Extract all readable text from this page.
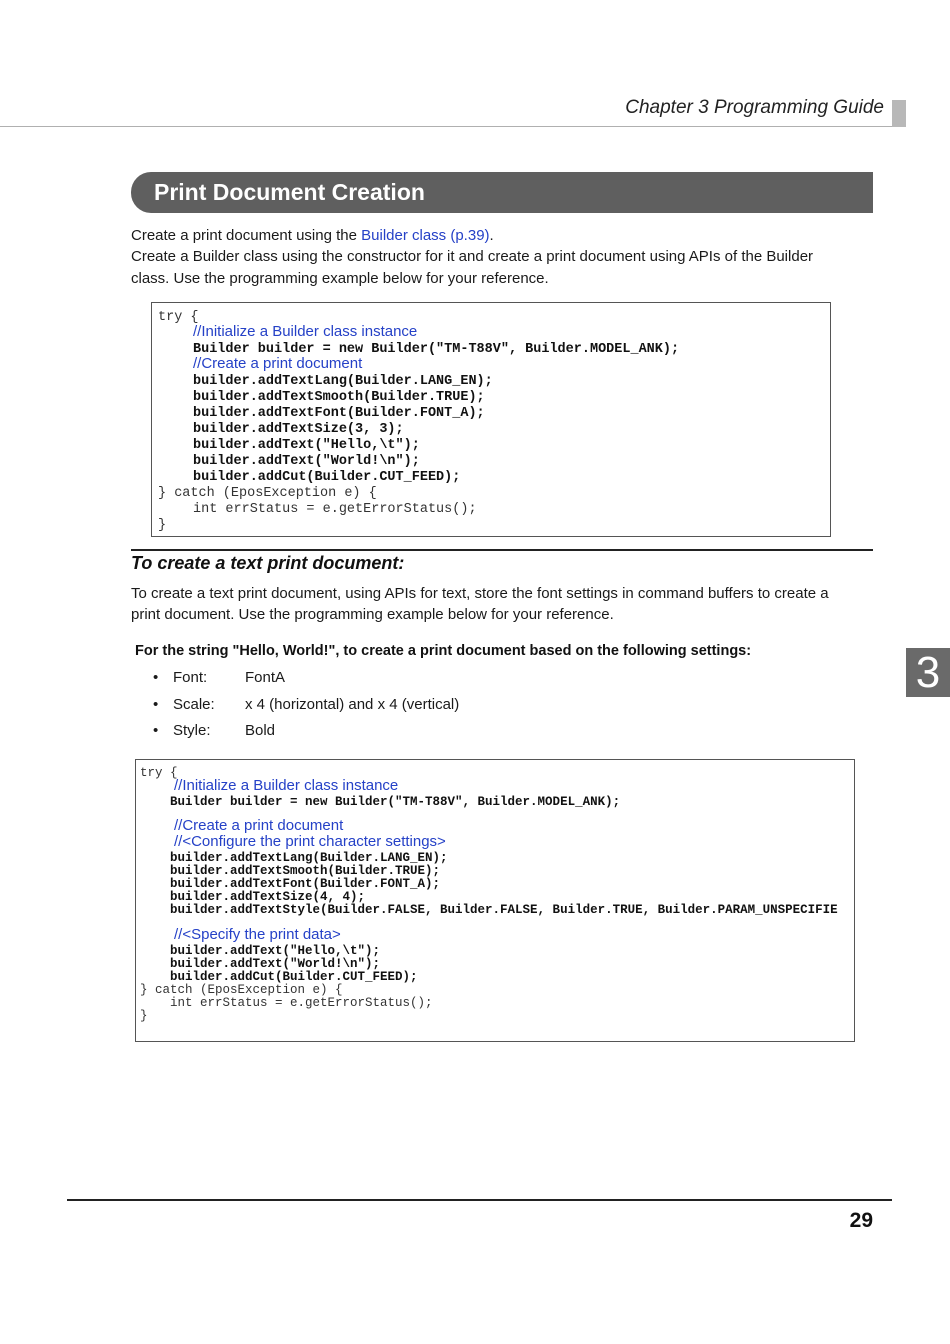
Chapter 3 Programming Guide
Print Document Creation
Create a print document using the Builder class (p.39).
Create a Builder class using the constructor for it and create a print document using APIs of the Builder
class. Use the programming example below for your reference.
try {
//Initialize a Builder class instance
Builder builder = new Builder("TM-T88V", Builder.MODEL_ANK);
//Create a print document
builder.addTextLang(Builder.LANG_EN);
builder.addTextSmooth(Builder.TRUE);
builder.addTextFont(Builder.FONT_A);
builder.addTextSize(3, 3);
builder.addText("Hello,\t");
builder.addText("World!\n");
builder.addCut(Builder.CUT_FEED);
} catch (EposException e) {
int errStatus = e.getErrorStatus();
}
To create a text print document:
To create a text print document, using APIs for text, store the font settings in command buffers to create a
print document. Use the programming example below for your reference.
For the string "Hello, World!", to create a print document based on the following settings:
• Font:	FontA
• Scale: x 4 (horizontal) and x 4 (vertical)
• Style: Bold
try {
//Initialize a Builder class instance
Builder builder = new Builder("TM-T88V", Builder.MODEL_ANK);
//Create a print document
//<Configure the print character settings>
builder.addTextLang(Builder.LANG_EN);
builder.addTextSmooth(Builder.TRUE);
builder.addTextFont(Builder.FONT_A);
builder.addTextSize(4, 4);
builder.addTextStyle(Builder.FALSE, Builder.FALSE, Builder.TRUE, Builder.PARAM_UNSPECIFIE
//<Specify the print data>
builder.addText("Hello,\t");
builder.addText("World!\n");
builder.addCut(Builder.CUT_FEED);
} catch (EposException e) {
int errStatus = e.getErrorStatus();
}
3
29
